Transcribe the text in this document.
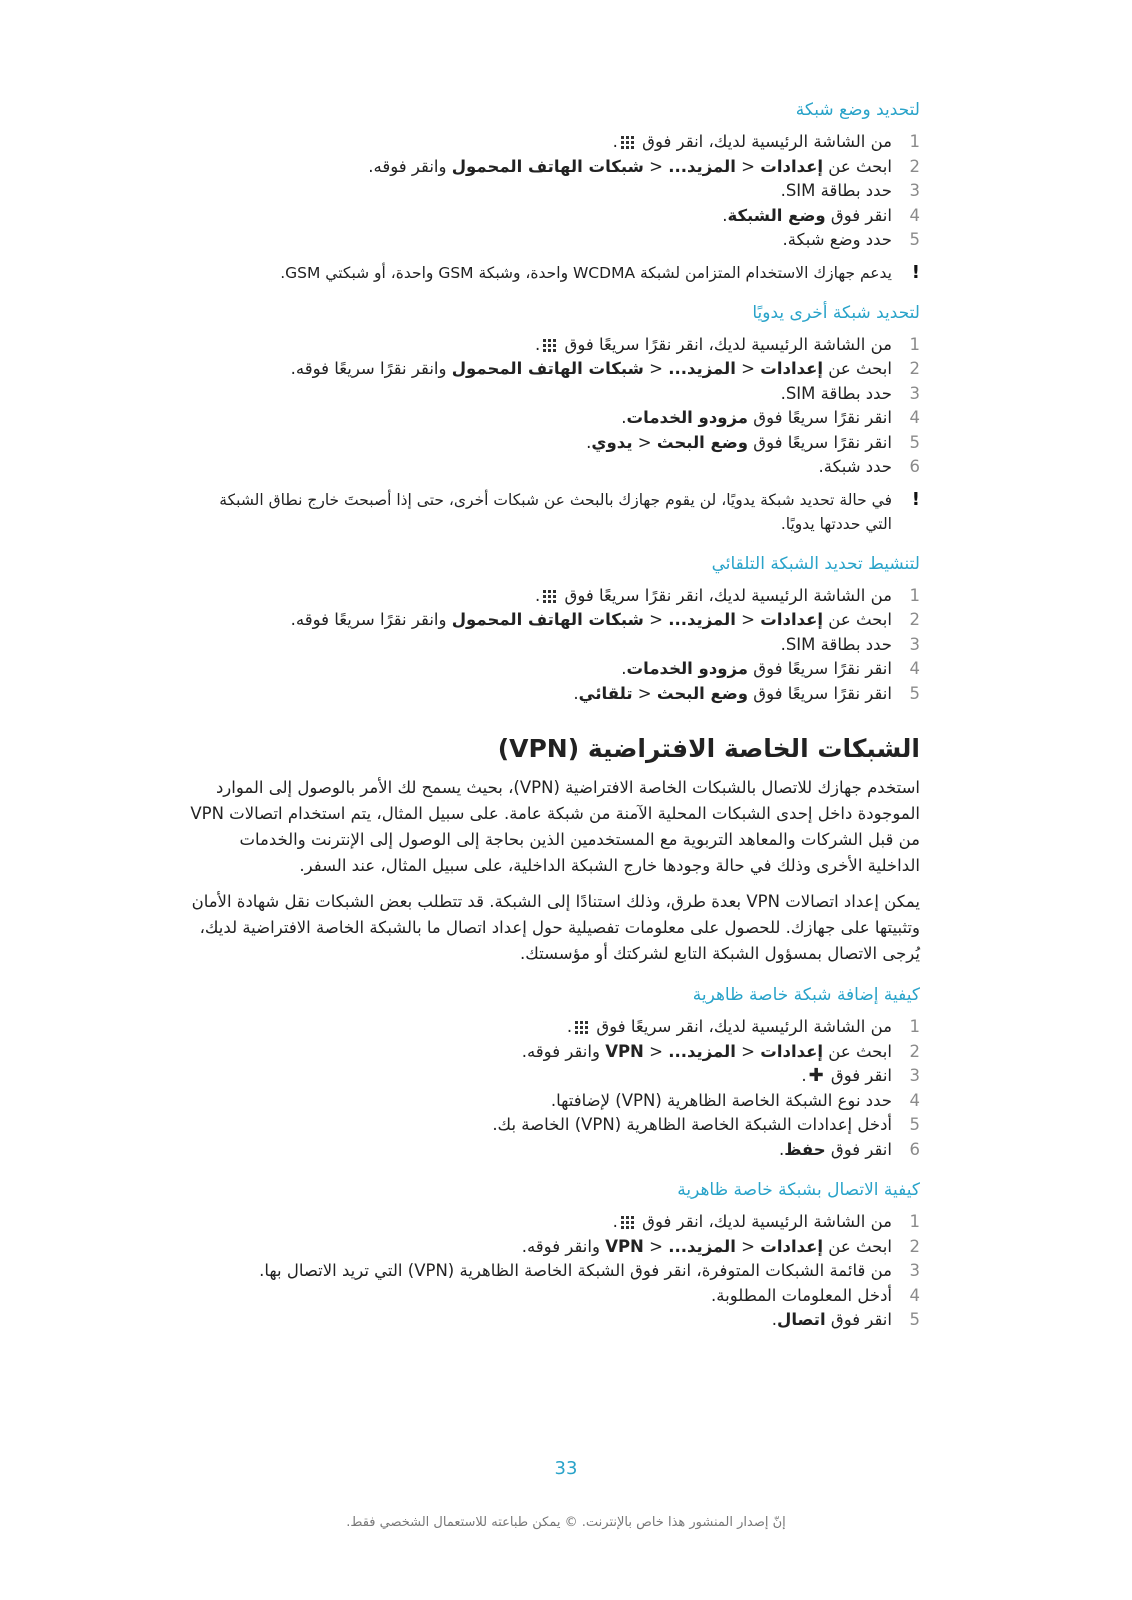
لتحديد وضع شبكة
1
من الشاشة الرئيسية لديك، انقر فوق
.
2
ابحث عن إعدادات < المزيد... < شبكات الهاتف المحمول وانقر فوقه.
3
حدد بطاقة SIM.
4
انقر فوق وضع الشبكة.
5
حدد وضع شبكة.
!
يدعم جهازك الاستخدام المتزامن لشبكة WCDMA واحدة، وشبكة GSM واحدة، أو شبكتي GSM.
لتحديد شبكة أخرى يدويًا
1
من الشاشة الرئيسية لديك، انقر نقرًا سريعًا فوق
.
2
ابحث عن إعدادات < المزيد... < شبكات الهاتف المحمول وانقر نقرًا سريعًا فوقه.
3
حدد بطاقة SIM.
4
انقر نقرًا سريعًا فوق مزودو الخدمات.
5
انقر نقرًا سريعًا فوق وضع البحث < يدوي.
6
حدد شبكة.
!
في حالة تحديد شبكة يدويًا، لن يقوم جهازك بالبحث عن شبكات أخرى، حتى إذا أصبحتَ خارج نطاق الشبكة التي حددتها يدويًا.
لتنشيط تحديد الشبكة التلقائي
1
من الشاشة الرئيسية لديك، انقر نقرًا سريعًا فوق
.
2
ابحث عن إعدادات < المزيد... < شبكات الهاتف المحمول وانقر نقرًا سريعًا فوقه.
3
حدد بطاقة SIM.
4
انقر نقرًا سريعًا فوق مزودو الخدمات.
5
انقر نقرًا سريعًا فوق وضع البحث < تلقائي.
الشبكات الخاصة الافتراضية (VPN)

استخدم جهازك للاتصال بالشبكات الخاصة الافتراضية (VPN)، بحيث يسمح لك الأمر بالوصول إلى الموارد الموجودة داخل إحدى الشبكات المحلية الآمنة من شبكة عامة. على سبيل المثال، يتم استخدام اتصالات VPN من قبل الشركات والمعاهد التربوية مع المستخدمين الذين بحاجة إلى الوصول إلى الإنترنت والخدمات الداخلية الأخرى وذلك في حالة وجودها خارج الشبكة الداخلية، على سبيل المثال، عند السفر.

يمكن إعداد اتصالات VPN بعدة طرق، وذلك استنادًا إلى الشبكة. قد تتطلب بعض الشبكات نقل شهادة الأمان وتثبيتها على جهازك. للحصول على معلومات تفصيلية حول إعداد اتصال ما بالشبكة الخاصة الافتراضية لديك، يُرجى الاتصال بمسؤول الشبكة التابع لشركتك أو مؤسستك.

كيفية إضافة شبكة خاصة ظاهرية
1
من الشاشة الرئيسية لديك، انقر سريعًا فوق
.
2
ابحث عن إعدادات < المزيد... < VPN وانقر فوقه.
3
انقر فوق ✚.
4
حدد نوع الشبكة الخاصة الظاهرية (VPN) لإضافتها.
5
أدخل إعدادات الشبكة الخاصة الظاهرية (VPN) الخاصة بك.
6
انقر فوق حفظ.
كيفية الاتصال بشبكة خاصة ظاهرية
1
من الشاشة الرئيسية لديك، انقر فوق
.
2
ابحث عن إعدادات < المزيد... < VPN وانقر فوقه.
3
من قائمة الشبكات المتوفرة، انقر فوق الشبكة الخاصة الظاهرية (VPN) التي تريد الاتصال بها.
4
أدخل المعلومات المطلوبة.
5
انقر فوق اتصال.
33
إنّ إصدار المنشور هذا خاص بالإنترنت. © يمكن طباعته للاستعمال الشخصي فقط.
